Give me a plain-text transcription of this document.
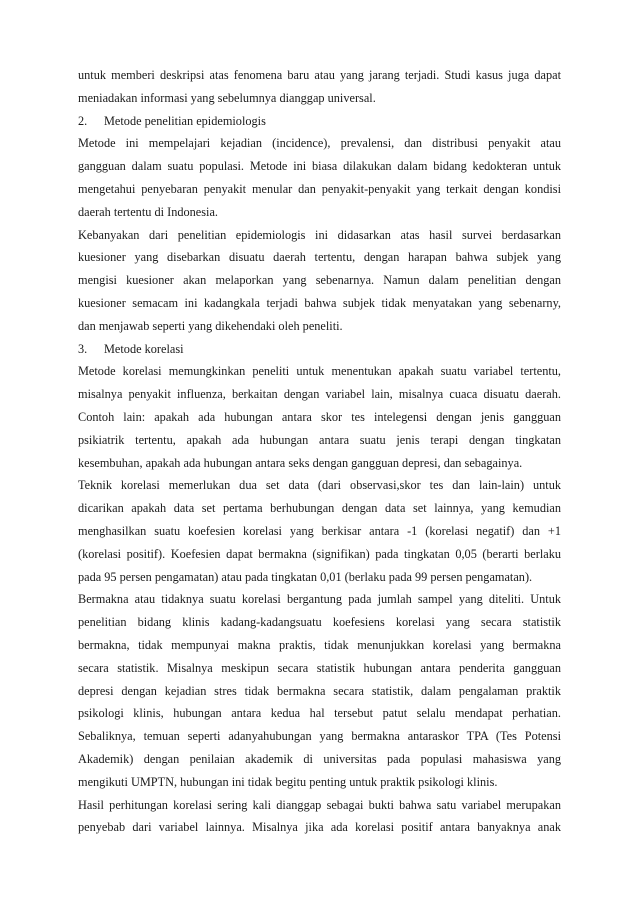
untuk memberi deskripsi atas fenomena baru atau yang jarang terjadi. Studi kasus juga dapat
meniadakan informasi yang sebelumnya dianggap universal.
2.	Metode penelitian epidemiologis
Metode ini mempelajari kejadian (incidence), prevalensi, dan distribusi penyakit atau
gangguan dalam suatu populasi. Metode ini biasa dilakukan dalam bidang kedokteran untuk
mengetahui penyebaran penyakit menular dan penyakit-penyakit yang terkait dengan kondisi
daerah tertentu di Indonesia.
Kebanyakan dari penelitian epidemiologis ini didasarkan atas hasil survei berdasarkan
kuesioner yang disebarkan disuatu daerah tertentu, dengan harapan bahwa subjek yang
mengisi kuesioner akan melaporkan yang sebenarnya. Namun dalam penelitian dengan
kuesioner semacam ini kadangkala terjadi bahwa subjek tidak menyatakan yang sebenarny,
dan menjawab seperti yang dikehendaki oleh peneliti.
3.	Metode korelasi
Metode korelasi memungkinkan peneliti untuk menentukan apakah suatu variabel tertentu,
misalnya penyakit influenza, berkaitan dengan variabel lain, misalnya cuaca disuatu daerah.
Contoh lain: apakah ada hubungan antara skor tes intelegensi dengan jenis gangguan
psikiatrik tertentu, apakah ada hubungan antara suatu jenis terapi dengan tingkatan
kesembuhan, apakah ada hubungan antara seks dengan gangguan depresi, dan sebagainya.
Teknik korelasi memerlukan dua set data (dari observasi,skor tes dan lain-lain) untuk
dicarikan apakah data set pertama berhubungan dengan data set lainnya, yang kemudian
menghasilkan suatu koefesien korelasi yang berkisar antara -1 (korelasi negatif) dan +1
(korelasi positif). Koefesien dapat bermakna (signifikan) pada tingkatan 0,05 (berarti berlaku
pada 95 persen pengamatan) atau pada tingkatan 0,01 (berlaku pada 99 persen pengamatan).
Bermakna atau tidaknya suatu korelasi bergantung pada jumlah sampel yang diteliti. Untuk
penelitian bidang klinis kadang-kadangsuatu koefesiens korelasi yang secara statistik
bermakna, tidak mempunyai makna praktis, tidak menunjukkan korelasi yang bermakna
secara statistik. Misalnya meskipun secara statistik hubungan antara penderita gangguan
depresi dengan kejadian stres tidak bermakna secara statistik, dalam pengalaman praktik
psikologi klinis, hubungan antara kedua hal tersebut patut selalu mendapat perhatian.
Sebaliknya, temuan seperti adanyahubungan yang bermakna antaraskor TPA (Tes Potensi
Akademik) dengan penilaian akademik di universitas pada populasi mahasiswa yang
mengikuti UMPTN, hubungan ini tidak begitu penting untuk praktik psikologi klinis.
Hasil perhitungan korelasi sering kali dianggap sebagai bukti bahwa satu variabel merupakan
penyebab dari variabel lainnya. Misalnya jika ada korelasi positif antara banyaknya anak
